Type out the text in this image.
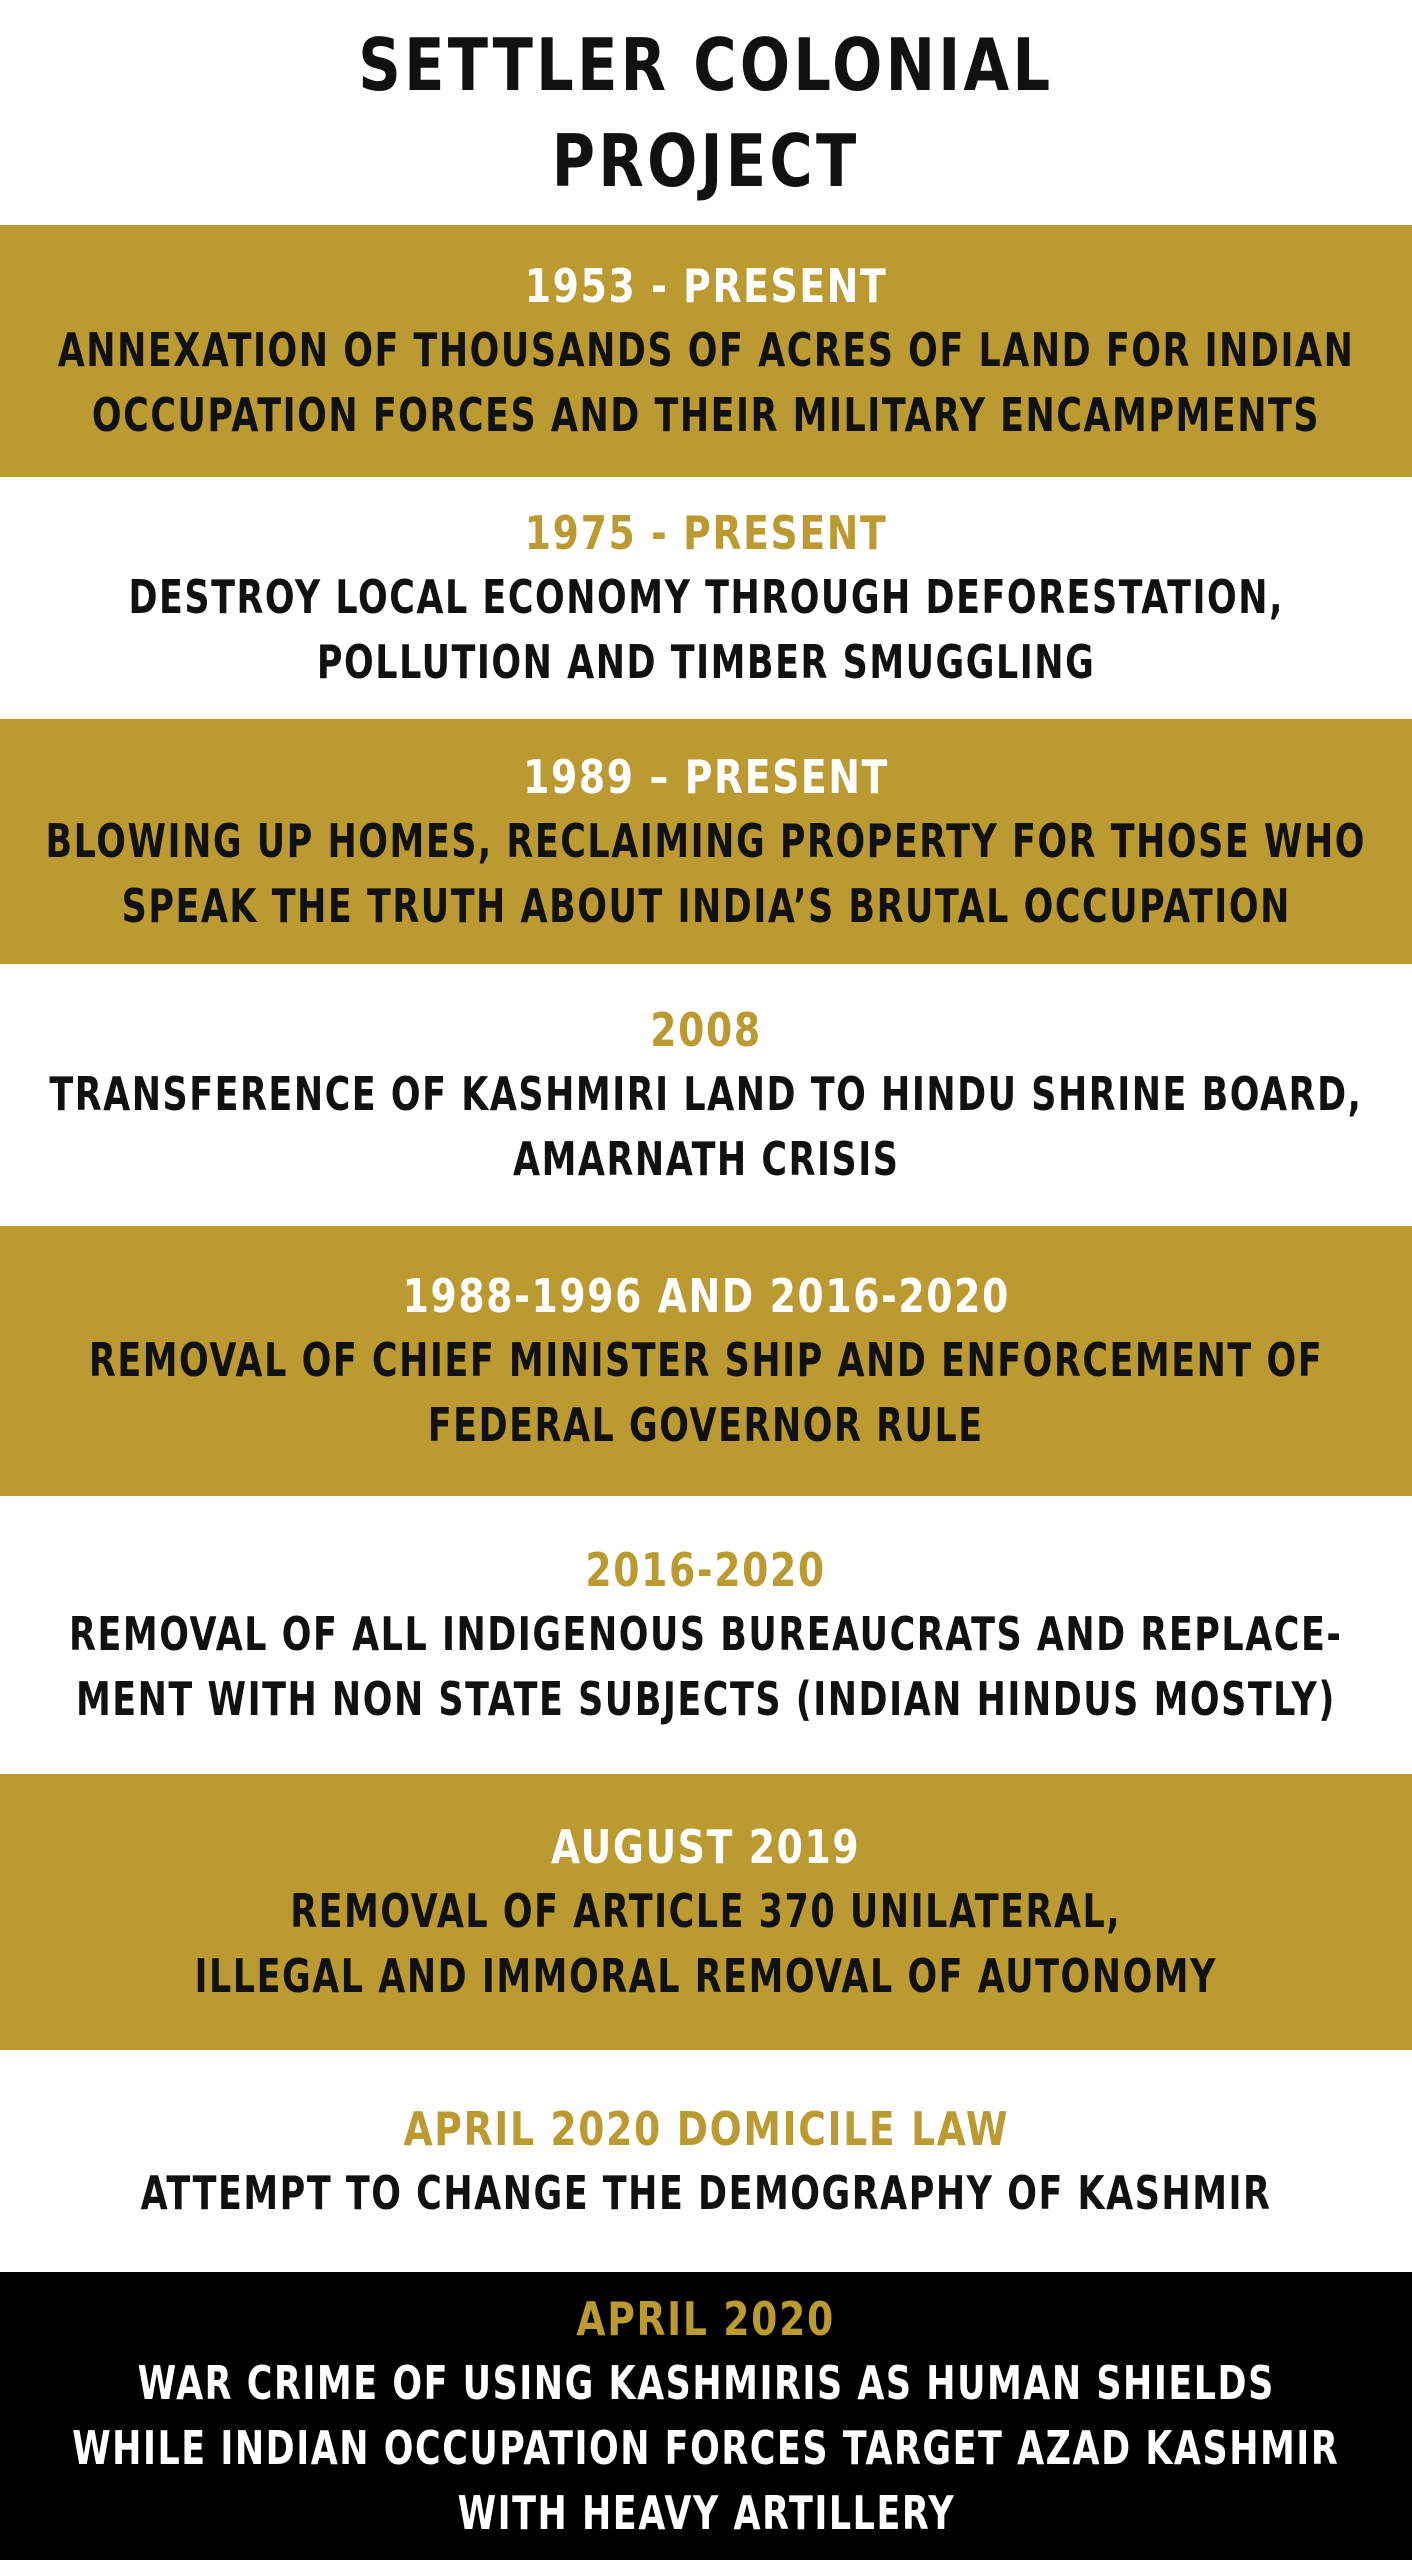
SETTLER COLONIAL
PROJECT
1953 - PRESENT
ANNEXATION OF THOUSANDS OF ACRES OF LAND FOR INDIAN
OCCUPATION FORCES AND THEIR MILITARY ENCAMPMENTS
1975 - PRESENT
DESTROY LOCAL ECONOMY THROUGH DEFORESTATION,
POLLUTION AND TIMBER SMUGGLING
1989 – PRESENT
BLOWING UP HOMES, RECLAIMING PROPERTY FOR THOSE WHO
SPEAK THE TRUTH ABOUT INDIA’S BRUTAL OCCUPATION
2008
TRANSFERENCE OF KASHMIRI LAND TO HINDU SHRINE BOARD,
AMARNATH CRISIS
1988-1996 AND 2016-2020
REMOVAL OF CHIEF MINISTER SHIP AND ENFORCEMENT OF
FEDERAL GOVERNOR RULE
2016-2020
REMOVAL OF ALL INDIGENOUS BUREAUCRATS AND REPLACE-
MENT WITH NON STATE SUBJECTS (INDIAN HINDUS MOSTLY)
AUGUST 2019
REMOVAL OF ARTICLE 370 UNILATERAL,
ILLEGAL AND IMMORAL REMOVAL OF AUTONOMY
APRIL 2020 DOMICILE LAW
ATTEMPT TO CHANGE THE DEMOGRAPHY OF KASHMIR
APRIL 2020
WAR CRIME OF USING KASHMIRIS AS HUMAN SHIELDS
WHILE INDIAN OCCUPATION FORCES TARGET AZAD KASHMIR
WITH HEAVY ARTILLERY
